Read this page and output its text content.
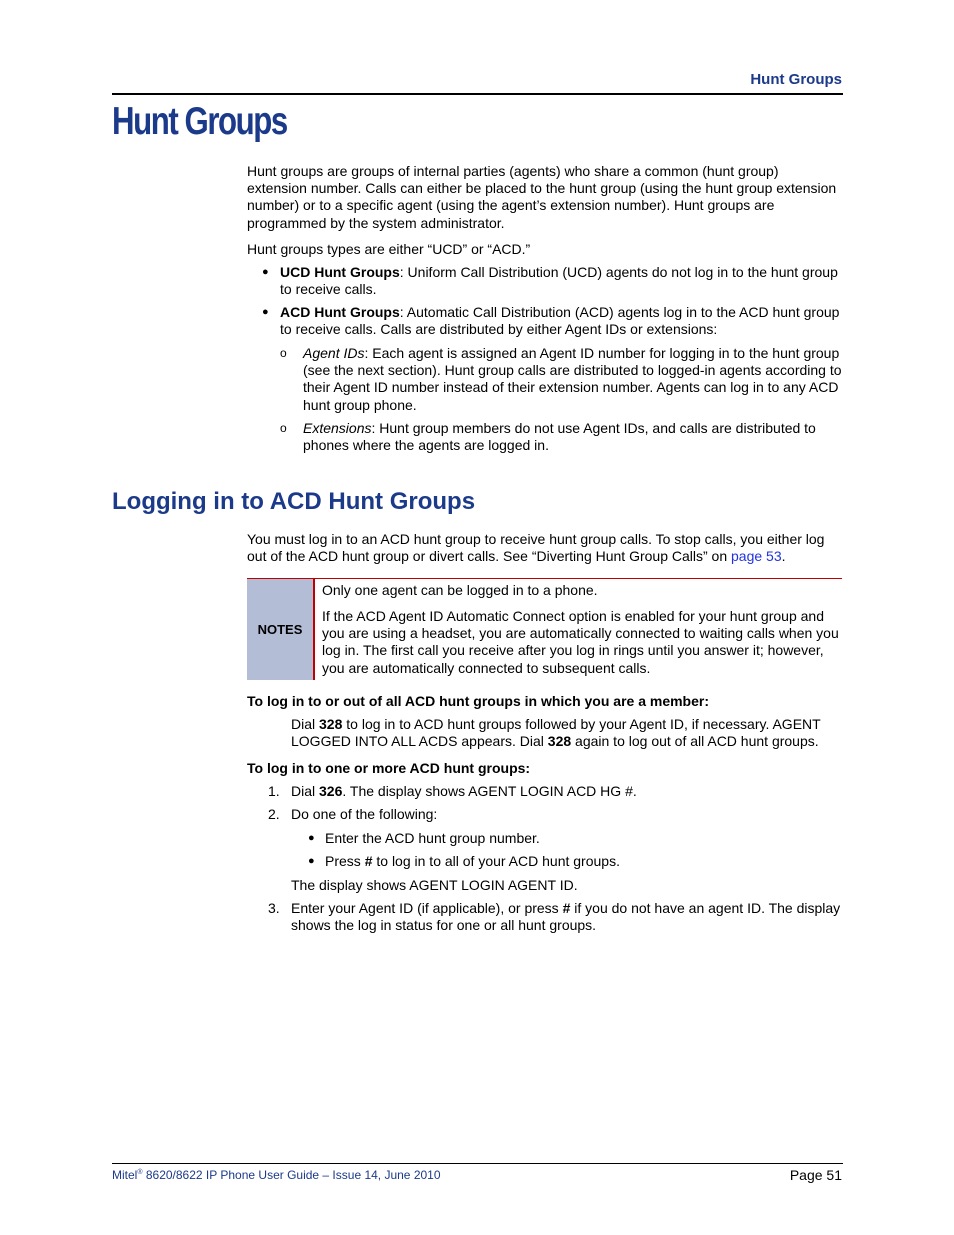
Hunt Groups
Hunt Groups

Hunt groups are groups of internal parties (agents) who share a common (hunt group) extension number. Calls can either be placed to the hunt group (using the hunt group extension number) or to a specific agent (using the agent’s extension number). Hunt groups are programmed by the system administrator.

Hunt groups types are either “UCD” or “ACD.”

● UCD Hunt Groups: Uniform Call Distribution (UCD) agents do not log in to the hunt group to receive calls.

● ACD Hunt Groups: Automatic Call Distribution (ACD) agents log in to the ACD hunt group to receive calls. Calls are distributed by either Agent IDs or extensions:

o Agent IDs: Each agent is assigned an Agent ID number for logging in to the hunt group (see the next section). Hunt group calls are distributed to logged-in agents according to their Agent ID number instead of their extension number. Agents can log in to any ACD hunt group phone.

o Extensions: Hunt group members do not use Agent IDs, and calls are distributed to phones where the agents are logged in.

Logging in to ACD Hunt Groups

You must log in to an ACD hunt group to receive hunt group calls. To stop calls, you either log out of the ACD hunt group or divert calls. See “Diverting Hunt Group Calls” on page 53.

NOTES

Only one agent can be logged in to a phone.

If the ACD Agent ID Automatic Connect option is enabled for your hunt group and you are using a headset, you are automatically connected to waiting calls when you log in. The first call you receive after you log in rings until you answer it; however, you are automatically connected to subsequent calls.

To log in to or out of all ACD hunt groups in which you are a member:

Dial 328 to log in to ACD hunt groups followed by your Agent ID, if necessary. AGENT LOGGED INTO ALL ACDS appears. Dial 328 again to log out of all ACD hunt groups.

To log in to one or more ACD hunt groups:

1. Dial 326. The display shows AGENT LOGIN ACD HG #.

2. Do one of the following:

● Enter the ACD hunt group number.

● Press # to log in to all of your ACD hunt groups.

The display shows AGENT LOGIN AGENT ID.

3. Enter your Agent ID (if applicable), or press # if you do not have an agent ID. The display shows the log in status for one or all hunt groups.

Mitel® 8620/8622 IP Phone User Guide – Issue 14, June 2010	Page 51
